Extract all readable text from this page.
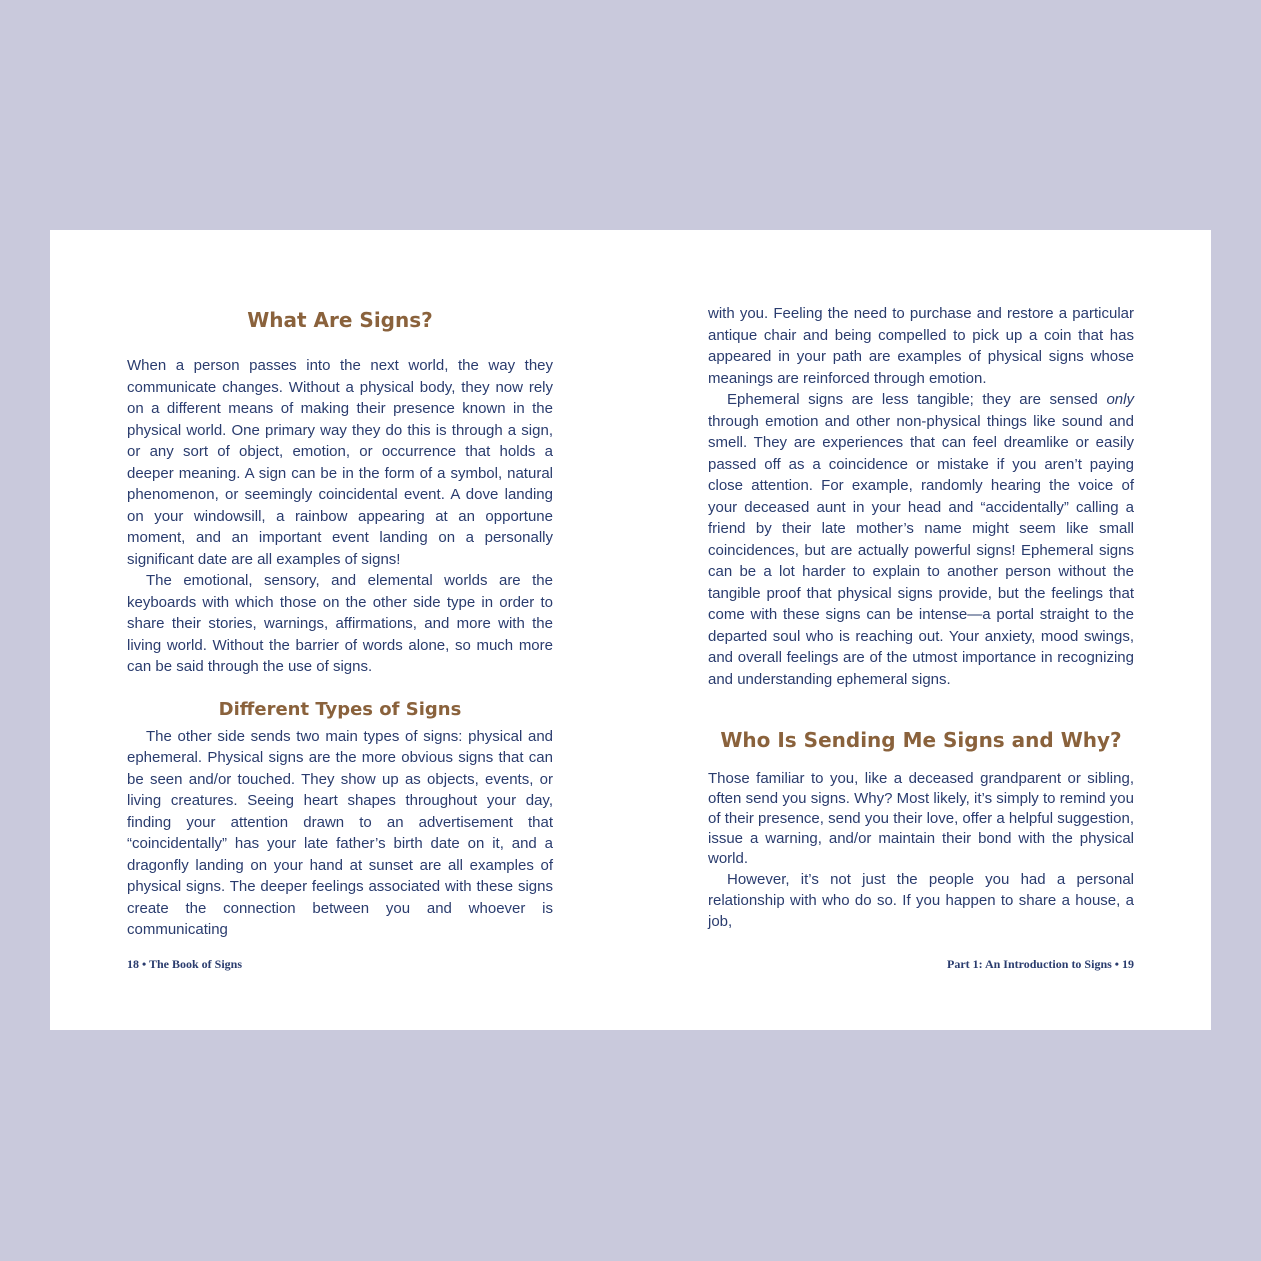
What Are Signs?

When a person passes into the next world, the way they communicate changes. Without a physical body, they now rely on a different means of making their presence known in the physical world. One primary way they do this is through a sign, or any sort of object, emotion, or occurrence that holds a deeper meaning. A sign can be in the form of a symbol, natural phenomenon, or seemingly coincidental event. A dove landing on your windowsill, a rainbow appearing at an opportune moment, and an important event landing on a personally significant date are all examples of signs!

The emotional, sensory, and elemental worlds are the keyboards with which those on the other side type in order to share their stories, warnings, affirmations, and more with the living world. Without the barrier of words alone, so much more can be said through the use of signs.

Different Types of Signs

The other side sends two main types of signs: physical and ephemeral. Physical signs are the more obvious signs that can be seen and/or touched. They show up as objects, events, or living creatures. Seeing heart shapes throughout your day, finding your attention drawn to an advertisement that “coincidentally” has your late father’s birth date on it, and a dragonfly landing on your hand at sunset are all examples of physical signs. The deeper feelings associated with these signs create the connection between you and whoever is communicating

18 • The Book of Signs

with you. Feeling the need to purchase and restore a particular antique chair and being compelled to pick up a coin that has appeared in your path are examples of physical signs whose meanings are reinforced through emotion.

Ephemeral signs are less tangible; they are sensed only through emotion and other non-physical things like sound and smell. They are experiences that can feel dreamlike or easily passed off as a coincidence or mistake if you aren’t paying close attention. For example, randomly hearing the voice of your deceased aunt in your head and “accidentally” calling a friend by their late mother’s name might seem like small coincidences, but are actually powerful signs! Ephemeral signs can be a lot harder to explain to another person without the tangible proof that physical signs provide, but the feelings that come with these signs can be intense—a portal straight to the departed soul who is reaching out. Your anxiety, mood swings, and overall feelings are of the utmost importance in recognizing and understanding ephemeral signs.

Who Is Sending Me Signs and Why?

Those familiar to you, like a deceased grandparent or sibling, often send you signs. Why? Most likely, it’s simply to remind you of their presence, send you their love, offer a helpful suggestion, issue a warning, and/or maintain their bond with the physical world.

However, it’s not just the people you had a personal relationship with who do so. If you happen to share a house, a job,

Part 1: An Introduction to Signs • 19
